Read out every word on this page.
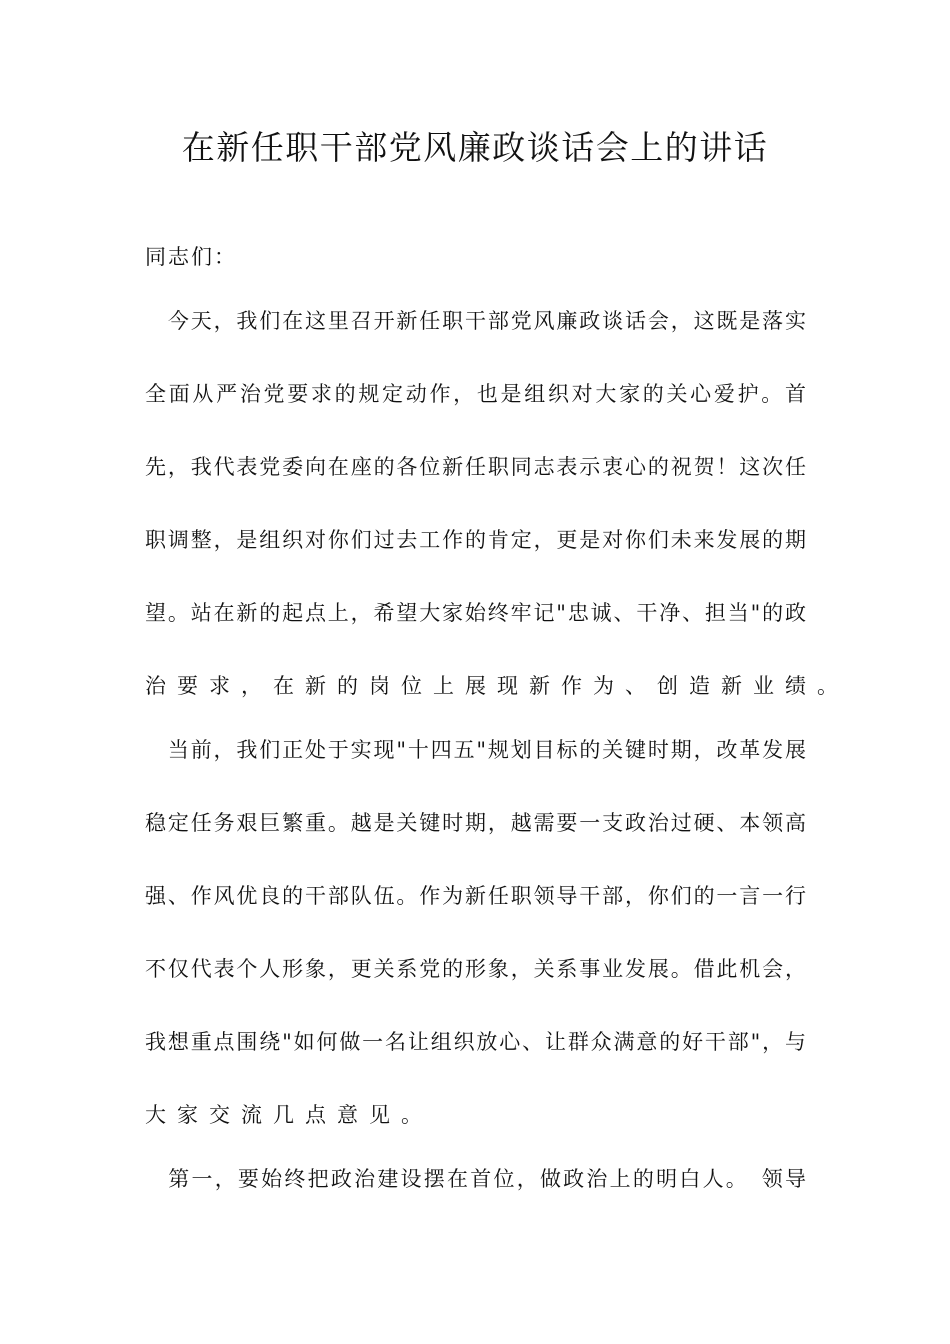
在新任职干部党风廉政谈话会上的讲话
同志们：
　今天，我们在这里召开新任职干部党风廉政谈话会，这既是落实
全面从严治党要求的规定动作，也是组织对大家的关心爱护。首
先，我代表党委向在座的各位新任职同志表示衷心的祝贺！这次任
职调整，是组织对你们过去工作的肯定，更是对你们未来发展的期
望。站在新的起点上，希望大家始终牢记"忠诚、干净、担当"的政
治要求，在新的岗位上展现新作为、创造新业绩。
　当前，我们正处于实现"十四五"规划目标的关键时期，改革发展
稳定任务艰巨繁重。越是关键时期，越需要一支政治过硬、本领高
强、作风优良的干部队伍。作为新任职领导干部，你们的一言一行
不仅代表个人形象，更关系党的形象，关系事业发展。借此机会，
我想重点围绕"如何做一名让组织放心、让群众满意的好干部"，与
大家交流几点意见。
　第一，要始终把政治建设摆在首位，做政治上的明白人。　领导
